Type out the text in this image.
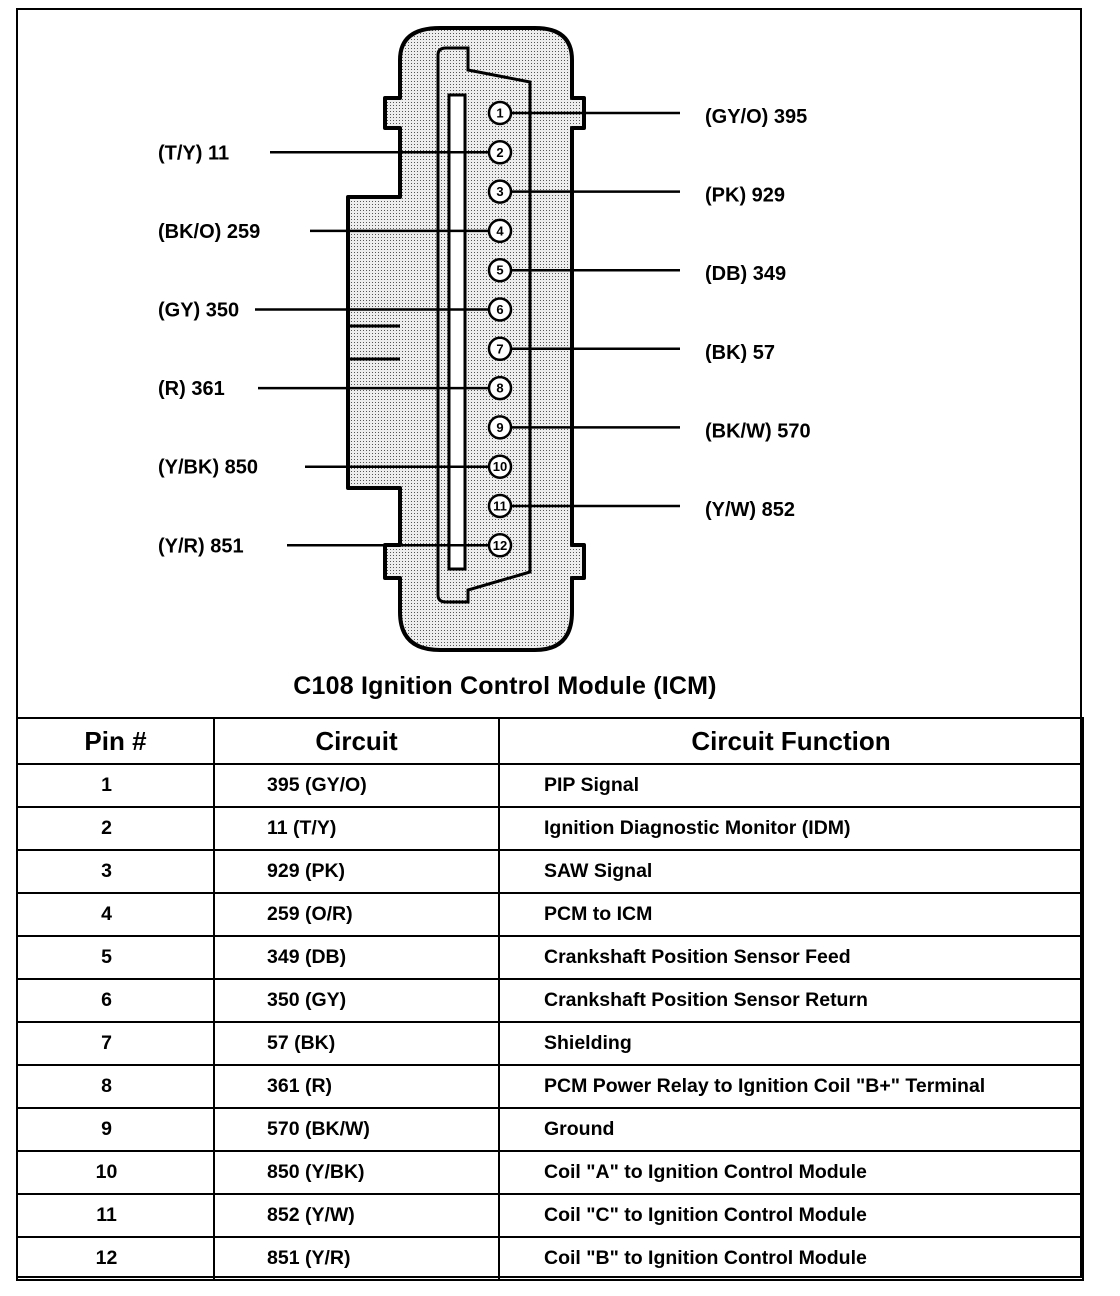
1	(GY/O) 395
2
(T/Y) 11
3	(PK) 929
4
(BK/O) 259
5	(DB) 349
6
(GY) 350
7	(BK) 57
8
(R) 361
9	(BK/W) 570
10
(Y/BK) 850
11	(Y/W) 852
12
(Y/R) 851
C108 Ignition Control Module (ICM)
Pin #	Circuit	Circuit Function
1	395 (GY/O)	PIP Signal
2	11 (T/Y)	Ignition Diagnostic Monitor (IDM)
3	929 (PK)	SAW Signal
4	259 (O/R)	PCM to ICM
5	349 (DB)	Crankshaft Position Sensor Feed
6	350 (GY)	Crankshaft Position Sensor Return
7	57 (BK)	Shielding
8	361 (R)	PCM Power Relay to Ignition Coil "B+" Terminal
9	570 (BK/W)	Ground
10	850 (Y/BK)	Coil "A" to Ignition Control Module
11	852 (Y/W)	Coil "C" to Ignition Control Module
12	851 (Y/R)	Coil "B" to Ignition Control Module
